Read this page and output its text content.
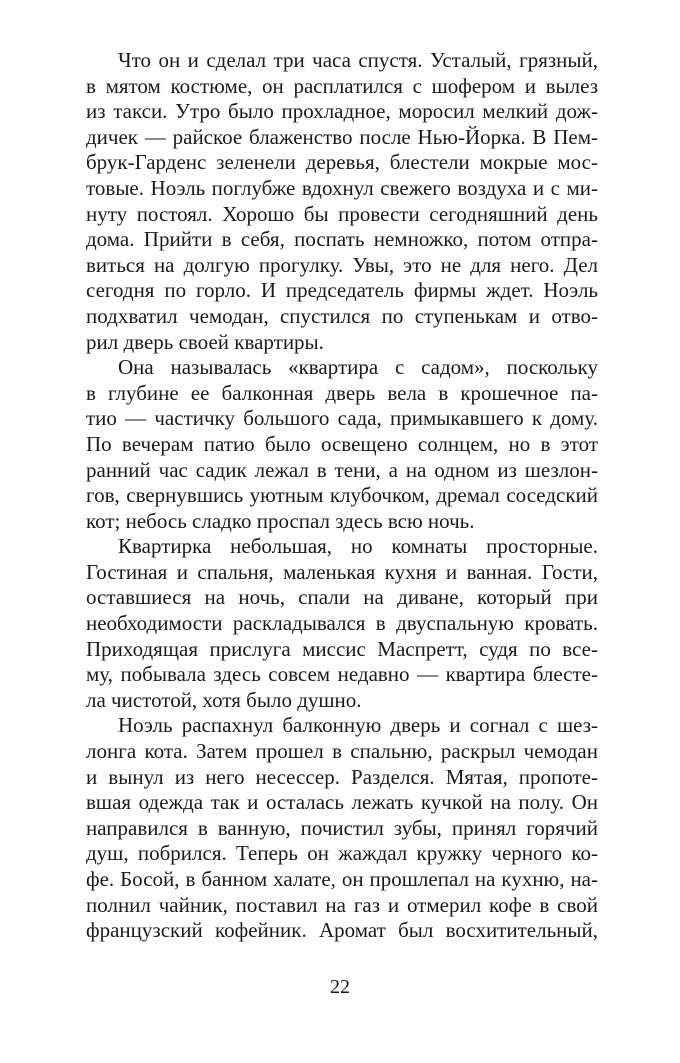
Что он и сделал три часа спустя. Усталый, грязный,
в мятом костюме, он расплатился с шофером и вылез
из такси. Утро было прохладное, моросил мелкий дож-
дичек — райское блаженство после Нью-Йорка. В Пем-
брук-Гарденс зеленели деревья, блестели мокрые мос-
товые. Ноэль поглубже вдохнул свежего воздуха и с ми-
нуту постоял. Хорошо бы провести сегодняшний день
дома. Прийти в себя, поспать немножко, потом отпра-
виться на долгую прогулку. Увы, это не для него. Дел
сегодня по горло. И председатель фирмы ждет. Ноэль
подхватил чемодан, спустился по ступенькам и отво-
рил дверь своей квартиры.
Она называлась «квартира с садом», поскольку
в глубине ее балконная дверь вела в крошечное па-
тио — частичку большого сада, примыкавшего к дому.
По вечерам патио было освещено солнцем, но в этот
ранний час садик лежал в тени, а на одном из шезлон-
гов, свернувшись уютным клубочком, дремал соседский
кот; небось сладко проспал здесь всю ночь.
Квартирка небольшая, но комнаты просторные.
Гостиная и спальня, маленькая кухня и ванная. Гости,
оставшиеся на ночь, спали на диване, который при
необходимости раскладывался в двуспальную кровать.
Приходящая прислуга миссис Маспретт, судя по все-
му, побывала здесь совсем недавно — квартира блесте-
ла чистотой, хотя было душно.
Ноэль распахнул балконную дверь и согнал с шез-
лонга кота. Затем прошел в спальню, раскрыл чемодан
и вынул из него несессер. Разделся. Мятая, пропоте-
вшая одежда так и осталась лежать кучкой на полу. Он
направился в ванную, почистил зубы, принял горячий
душ, побрился. Теперь он жаждал кружку черного ко-
фе. Босой, в банном халате, он прошлепал на кухню, на-
полнил чайник, поставил на газ и отмерил кофе в свой
французский кофейник. Аромат был восхитительный,
22
